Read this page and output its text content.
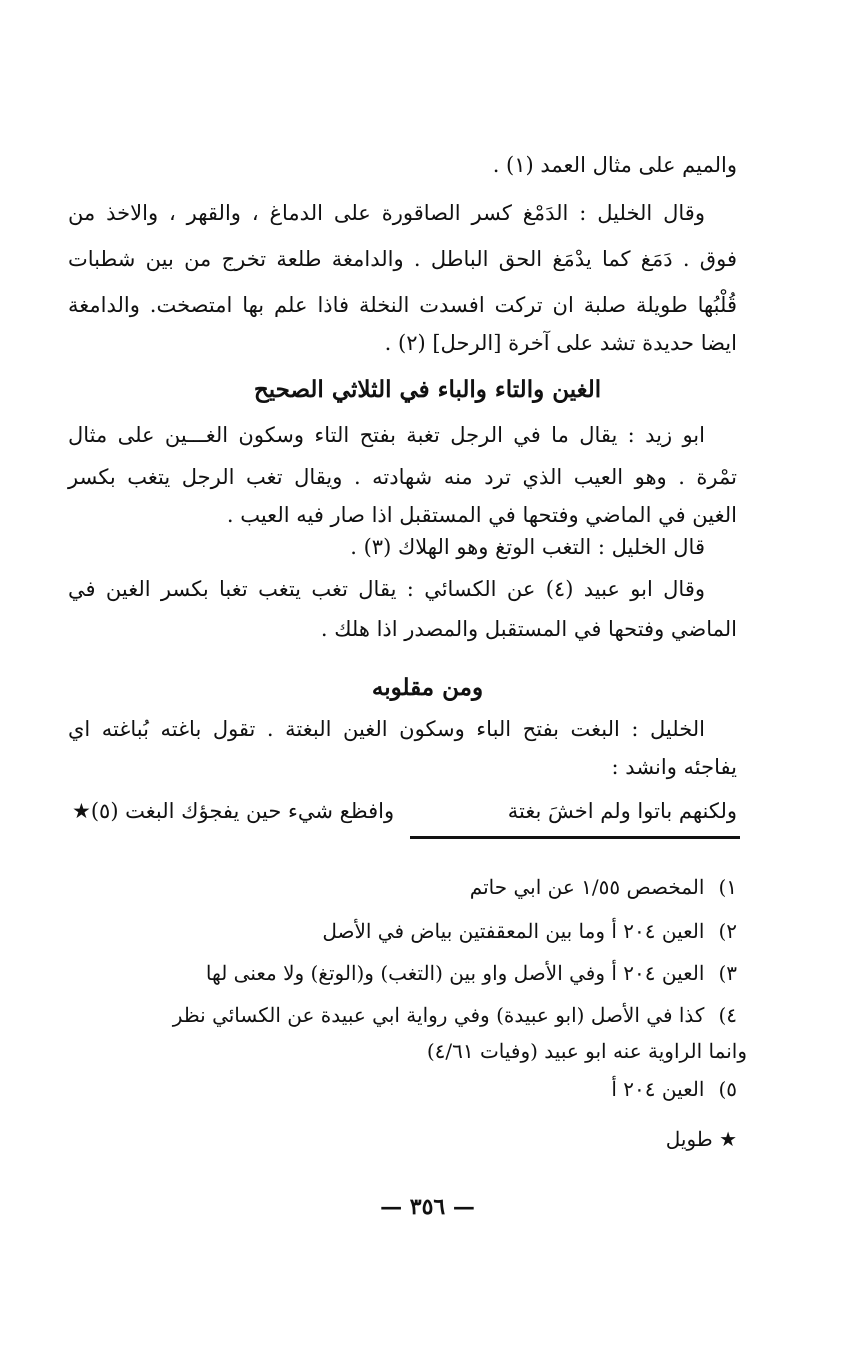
والميم على مثال العمد (١) .
وقال الخليل : الدَمْغ كسر الصاقورة على الدماغ ، والقهر ، والاخذ من
فوق . دَمَغ كما يدْمَغ الحق الباطل . والدامغة طلعة تخرج من بين شطبات
قُلْبُها طويلة صلبة ان تركت افسدت النخلة فاذا علم بها امتصخت. والدامغة
ايضا حديدة تشد على آخرة [الرحل] (٢) .
الغين والتاء والباء في الثلاثي الصحيح
ابو زيد : يقال ما في الرجل تغبة بفتح التاء وسكون الغـــين على مثال
تمْرة . وهو العيب الذي ترد منه شهادته . ويقال تغب الرجل يتغب بكسر
الغين في الماضي وفتحها في المستقبل اذا صار فيه العيب .
قال الخليل : التغب الوتغ وهو الهلاك (٣) .
وقال ابو عبيد (٤) عن الكسائي : يقال تغب يتغب تغبا بكسر الغين في
الماضي وفتحها في المستقبل والمصدر اذا هلك .
ومن مقلوبه
الخليل : البغت بفتح الباء وسكون الغين البغتة . تقول باغته بُباغته اي
يفاجئه وانشد :
ولكنهم باتوا ولم اخشَ بغتة
وافظع شيء حين يفجؤك البغت (٥)★
١)المخصص ١/٥٥ عن ابي حاتم
٢)العين ٢٠٤ أ وما بين المعقفتين بياض في الأصل
٣)العين ٢٠٤ أ وفي الأصل واو بين (التغب) و(الوتغ) ولا معنى لها
٤)كذا في الأصل (ابو عبيدة) وفي رواية ابي عبيدة عن الكسائي نظر
وانما الراوية عنه ابو عبيد (وفيات ٤/٦١)
٥)العين ٢٠٤ أ
★ طويل
— ٣٥٦ —
